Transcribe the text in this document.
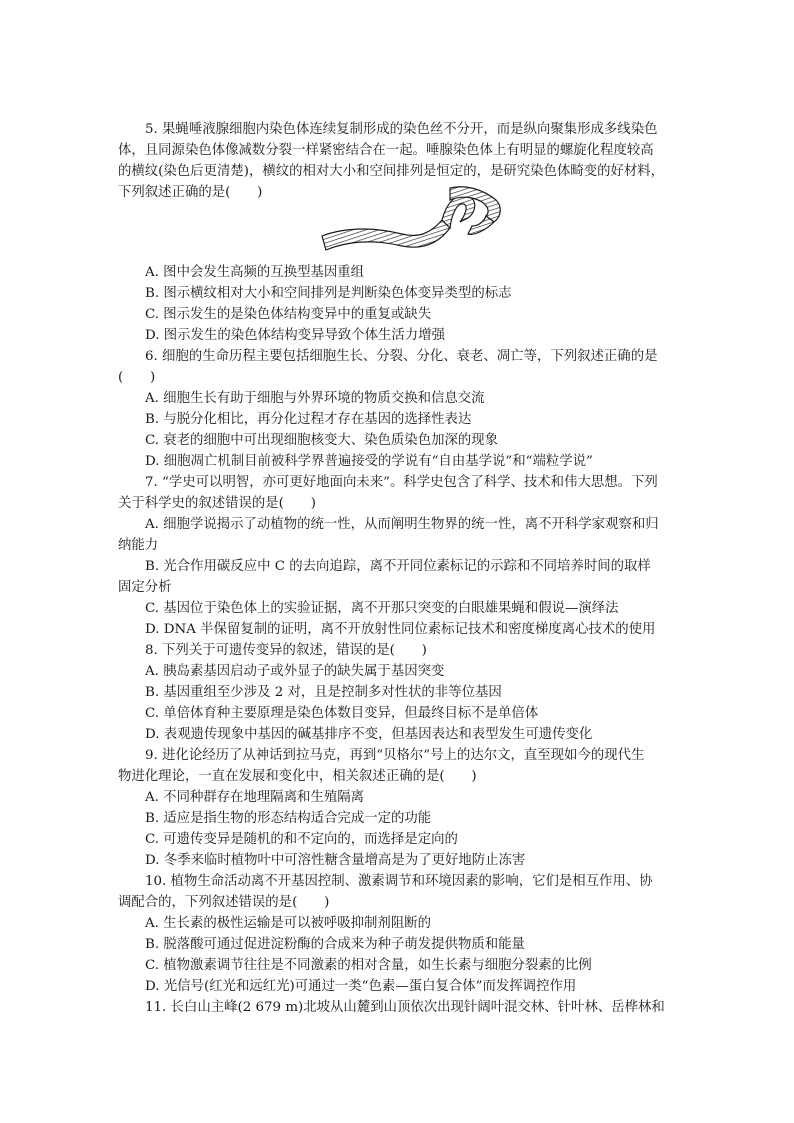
5. 果蝇唾液腺细胞内染色体连续复制形成的染色丝不分开，而是纵向聚集形成多线染色
体，且同源染色体像减数分裂一样紧密结合在一起。唾腺染色体上有明显的螺旋化程度较高
的横纹(染色后更清楚)，横纹的相对大小和空间排列是恒定的，是研究染色体畸变的好材料，
下列叙述正确的是(　　)
A. 图中会发生高频的互换型基因重组
B. 图示横纹相对大小和空间排列是判断染色体变异类型的标志
C. 图示发生的是染色体结构变异中的重复或缺失
D. 图示发生的染色体结构变异导致个体生活力增强
6. 细胞的生命历程主要包括细胞生长、分裂、分化、衰老、凋亡等，下列叙述正确的是
(　　)
A. 细胞生长有助于细胞与外界环境的物质交换和信息交流
B. 与脱分化相比，再分化过程才存在基因的选择性表达
C. 衰老的细胞中可出现细胞核变大、染色质染色加深的现象
D. 细胞凋亡机制目前被科学界普遍接受的学说有“自由基学说”和“端粒学说”
7. “学史可以明智，亦可更好地面向未来”。科学史包含了科学、技术和伟大思想。下列
关于科学史的叙述错误的是(　　)
A. 细胞学说揭示了动植物的统一性，从而阐明生物界的统一性，离不开科学家观察和归
纳能力
B. 光合作用碳反应中 C 的去向追踪，离不开同位素标记的示踪和不同培养时间的取样
固定分析
C. 基因位于染色体上的实验证据，离不开那只突变的白眼雄果蝇和假说—演绎法
D. DNA 半保留复制的证明，离不开放射性同位素标记技术和密度梯度离心技术的使用
8. 下列关于可遗传变异的叙述，错误的是(　　)
A. 胰岛素基因启动子或外显子的缺失属于基因突变
B. 基因重组至少涉及 2 对，且是控制多对性状的非等位基因
C. 单倍体育种主要原理是染色体数目变异，但最终目标不是单倍体
D. 表观遗传现象中基因的碱基排序不变，但基因表达和表型发生可遗传变化
9. 进化论经历了从神话到拉马克，再到“贝格尔”号上的达尔文，直至现如今的现代生
物进化理论，一直在发展和变化中，相关叙述正确的是(　　)
A. 不同种群存在地理隔离和生殖隔离
B. 适应是指生物的形态结构适合完成一定的功能
C. 可遗传变异是随机的和不定向的，而选择是定向的
D. 冬季来临时植物叶中可溶性糖含量增高是为了更好地防止冻害
10. 植物生命活动离不开基因控制、激素调节和环境因素的影响，它们是相互作用、协
调配合的，下列叙述错误的是(　　)
A. 生长素的极性运输是可以被呼吸抑制剂阻断的
B. 脱落酸可通过促进淀粉酶的合成来为种子萌发提供物质和能量
C. 植物激素调节往往是不同激素的相对含量，如生长素与细胞分裂素的比例
D. 光信号(红光和远红光)可通过一类“色素—蛋白复合体”而发挥调控作用
11. 长白山主峰(2 679 m)北坡从山麓到山顶依次出现针阔叶混交林、针叶林、岳桦林和
